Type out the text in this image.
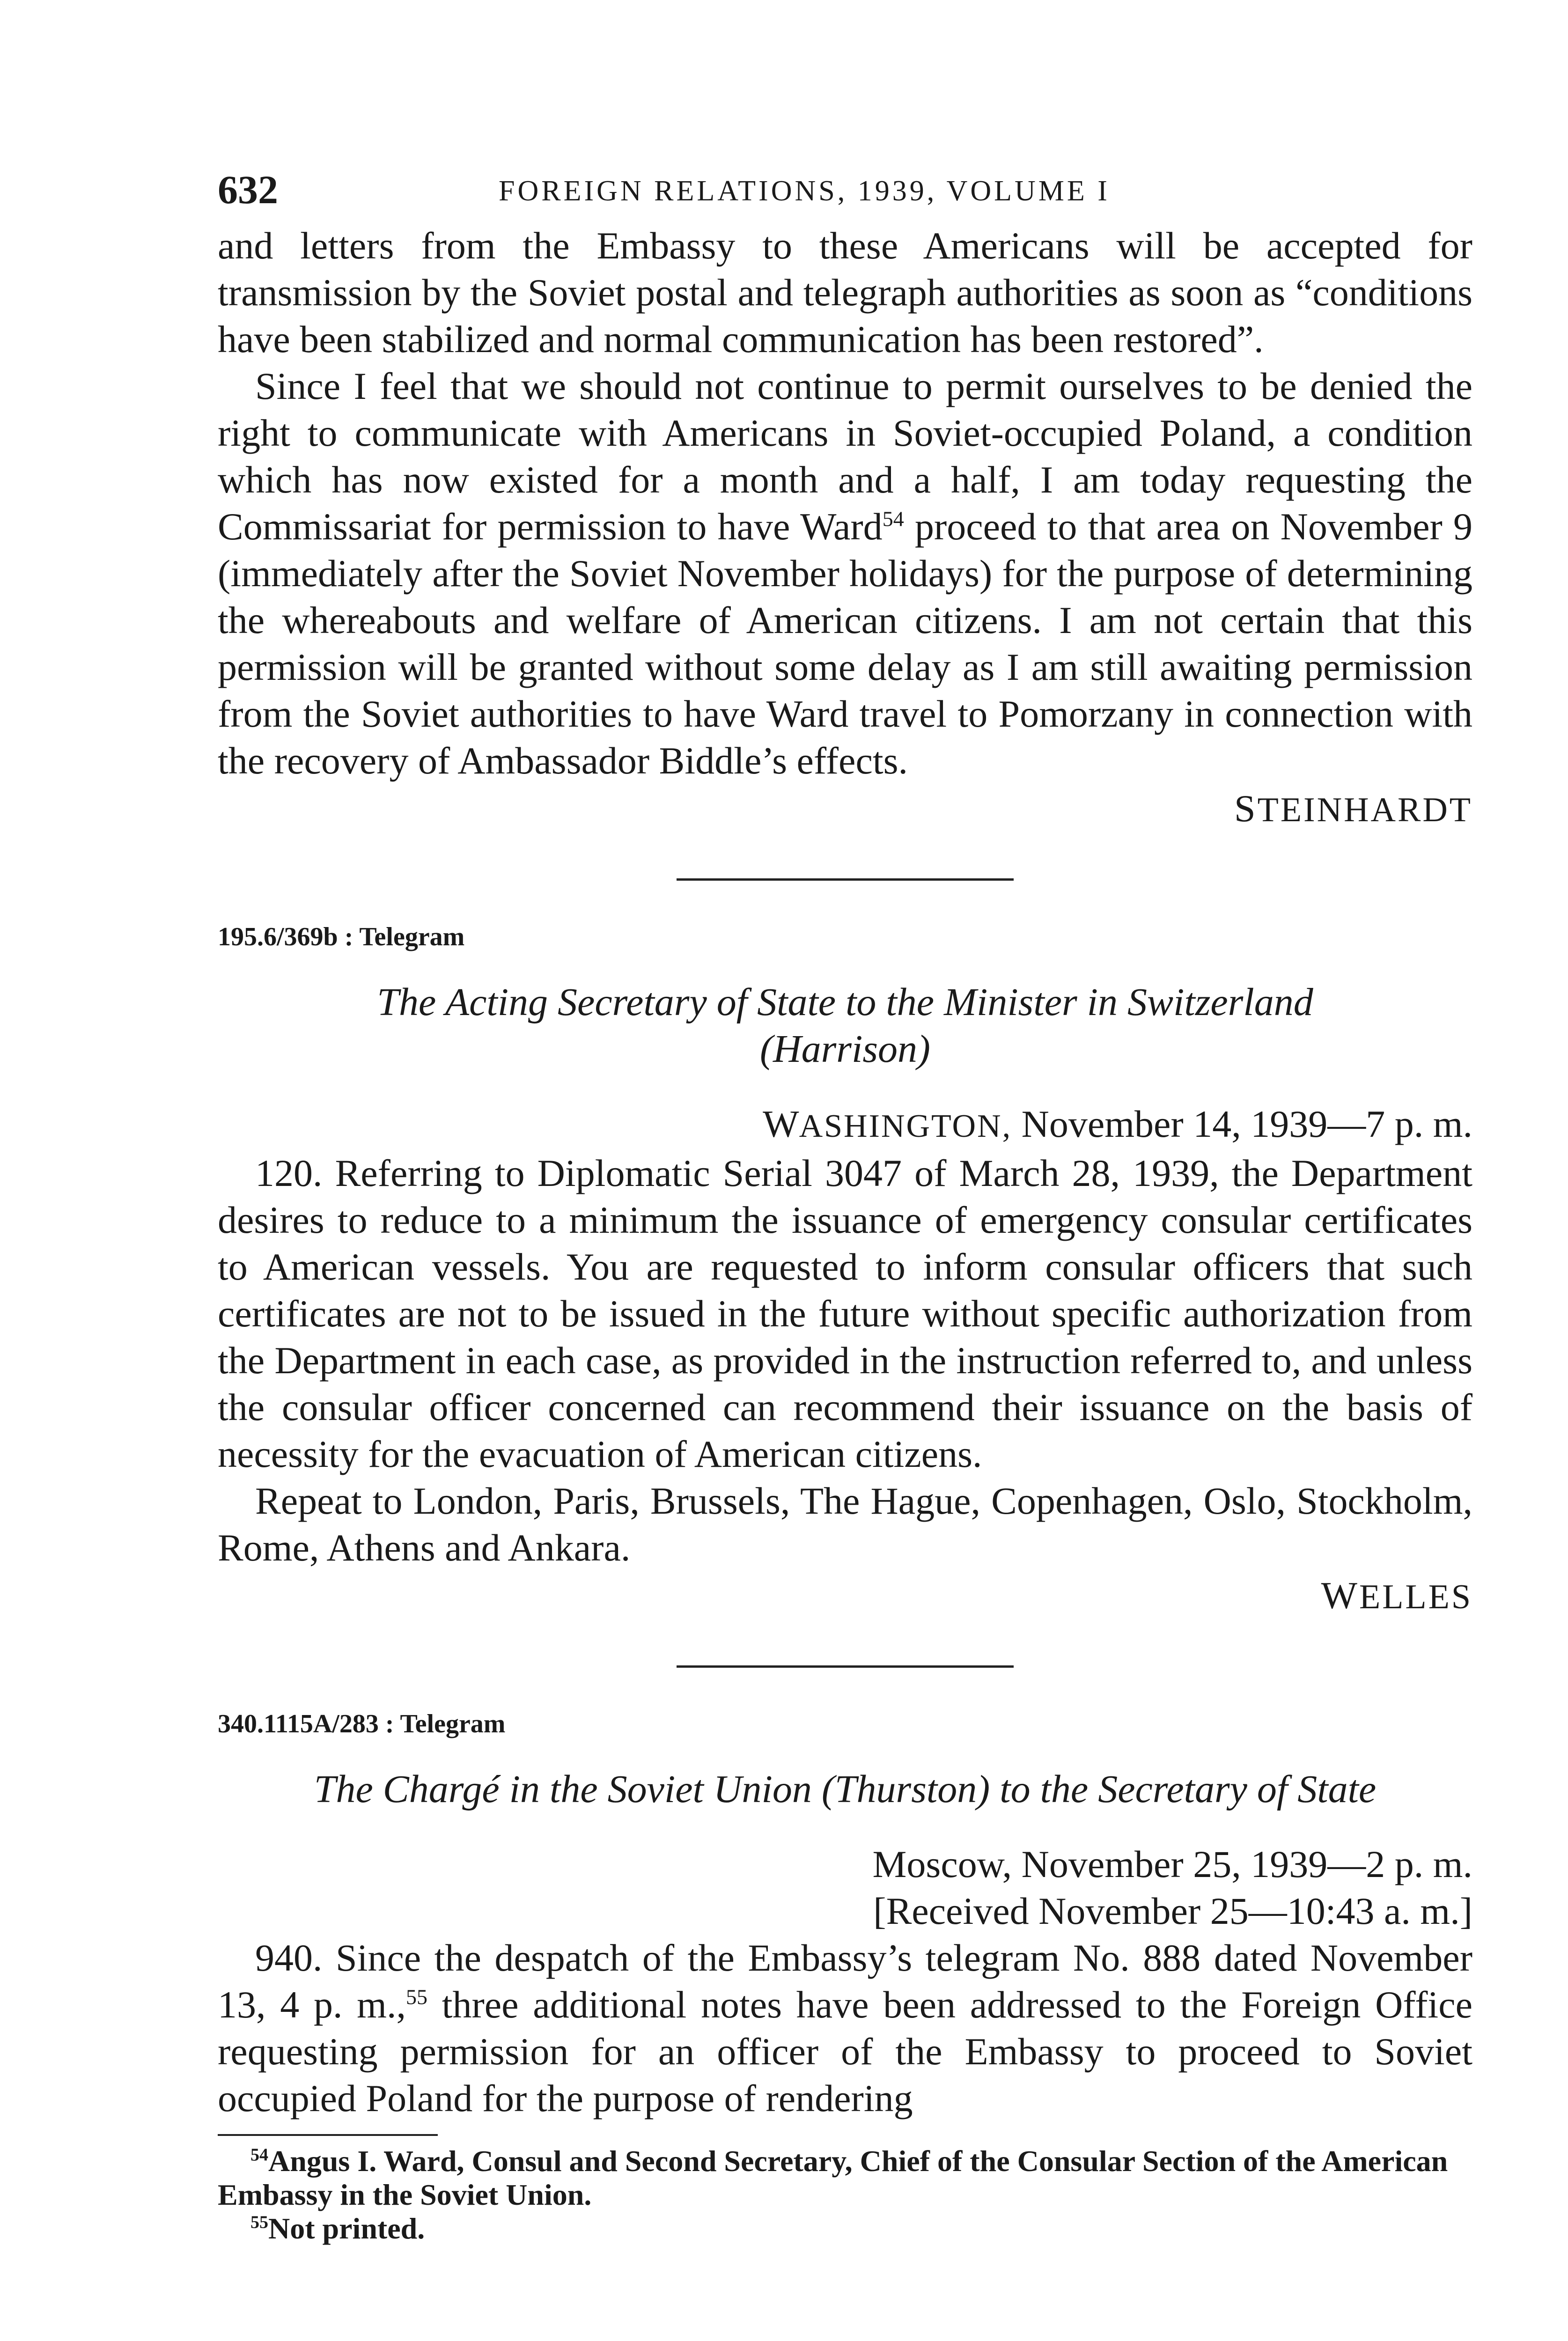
632	FOREIGN RELATIONS, 1939, VOLUME I

and letters from the Embassy to these Americans will be accepted for transmission by the Soviet postal and telegraph authorities as soon as “conditions have been stabilized and normal communication has been restored”.

Since I feel that we should not continue to permit ourselves to be denied the right to communicate with Americans in Soviet-occupied Poland, a condition which has now existed for a month and a half, I am today requesting the Commissariat for permission to have Ward$^{54}$ proceed to that area on November 9 (immediately after the Soviet November holidays) for the purpose of determining the whereabouts and welfare of American citizens. I am not certain that this permission will be granted without some delay as I am still awaiting permission from the Soviet authorities to have Ward travel to Pomorzany in connection with the recovery of Ambassador Biddle’s effects.

STEINHARDT
195.6/369b : Telegram
The Acting Secretary of State to the Minister in Switzerland
(Harrison)
WASHINGTON, November 14, 1939—7 p. m.

120. Referring to Diplomatic Serial 3047 of March 28, 1939, the Department desires to reduce to a minimum the issuance of emergency consular certificates to American vessels. You are requested to inform consular officers that such certificates are not to be issued in the future without specific authorization from the Department in each case, as provided in the instruction referred to, and unless the consular officer concerned can recommend their issuance on the basis of necessity for the evacuation of American citizens.

Repeat to London, Paris, Brussels, The Hague, Copenhagen, Oslo, Stockholm, Rome, Athens and Ankara.

WELLES
340.1115A/283 : Telegram
The Chargé in the Soviet Union (Thurston) to the Secretary of State
Moscow, November 25, 1939—2 p. m.
[Received November 25—10:43 a. m.]

940. Since the despatch of the Embassy’s telegram No. 888 dated November 13, 4 p. m.,$^{55}$ three additional notes have been addressed to the Foreign Office requesting permission for an officer of the Embassy to proceed to Soviet occupied Poland for the purpose of rendering

$^{54}$Angus I. Ward, Consul and Second Secretary, Chief of the Consular Section of the American Embassy in the Soviet Union.

$^{55}$Not printed.
